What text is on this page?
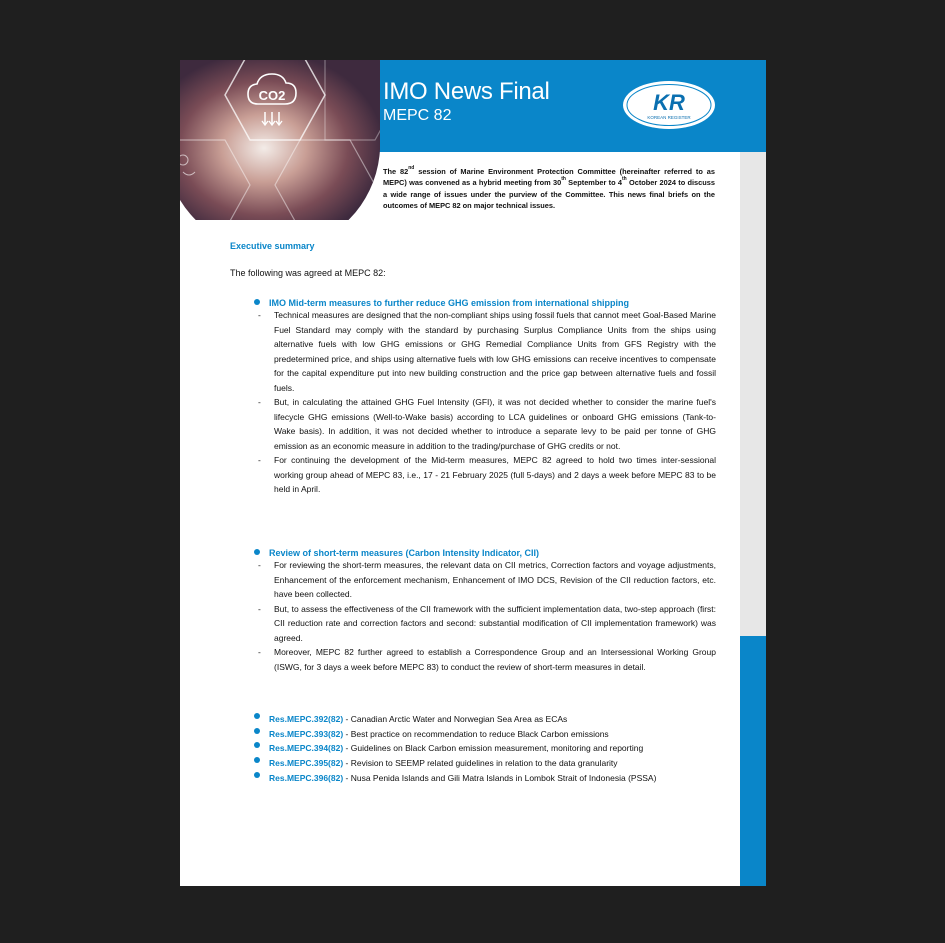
CO2	IMO News Final
MEPC 82
KR
KOREAN REGISTER
The 82nd session of Marine Environment Protection Committee (hereinafter referred to as MEPC) was convened as a hybrid meeting from 30th September to 4th October 2024 to discuss a wide range of issues under the purview of the Committee. This news final briefs on the outcomes of MEPC 82 on major technical issues.
Executive summary
The following was agreed at MEPC 82:
IMO Mid-term measures to further reduce GHG emission from international shipping
- Technical measures are designed that the non-compliant ships using fossil fuels that cannot meet Goal-Based Marine Fuel Standard may comply with the standard by purchasing Surplus Compliance Units from the ships using alternative fuels with low GHG emissions or GHG Remedial Compliance Units from GFS Registry with the predetermined price, and ships using alternative fuels with low GHG emissions can receive incentives to compensate for the capital expenditure put into new building construction and the price gap between alternative fuels and fossil fuels.
- But, in calculating the attained GHG Fuel Intensity (GFI), it was not decided whether to consider the marine fuel's lifecycle GHG emissions (Well-to-Wake basis) according to LCA guidelines or onboard GHG emissions (Tank-to-Wake basis). In addition, it was not decided whether to introduce a separate levy to be paid per tonne of GHG emission as an economic measure in addition to the trading/purchase of GHG credits or not.
- For continuing the development of the Mid-term measures, MEPC 82 agreed to hold two times inter-sessional working group ahead of MEPC 83, i.e., 17 - 21 February 2025 (full 5-days) and 2 days a week before MEPC 83 to be held in April.
Review of short-term measures (Carbon Intensity Indicator, CII)
- For reviewing the short-term measures, the relevant data on CII metrics, Correction factors and voyage adjustments, Enhancement of the enforcement mechanism, Enhancement of IMO DCS, Revision of the CII reduction factors, etc. have been collected.
- But, to assess the effectiveness of the CII framework with the sufficient implementation data, two-step approach (first: CII reduction rate and correction factors and second: substantial modification of CII implementation framework) was agreed.
- Moreover, MEPC 82 further agreed to establish a Correspondence Group and an Intersessional Working Group (ISWG, for 3 days a week before MEPC 83) to conduct the review of short-term measures in detail.
Res.MEPC.392(82) - Canadian Arctic Water and Norwegian Sea Area as ECAs
Res.MEPC.393(82) - Best practice on recommendation to reduce Black Carbon emissions
Res.MEPC.394(82) - Guidelines on Black Carbon emission measurement, monitoring and reporting
Res.MEPC.395(82) - Revision to SEEMP related guidelines in relation to the data granularity
Res.MEPC.396(82) - Nusa Penida Islands and Gili Matra Islands in Lombok Strait of Indonesia (PSSA)
